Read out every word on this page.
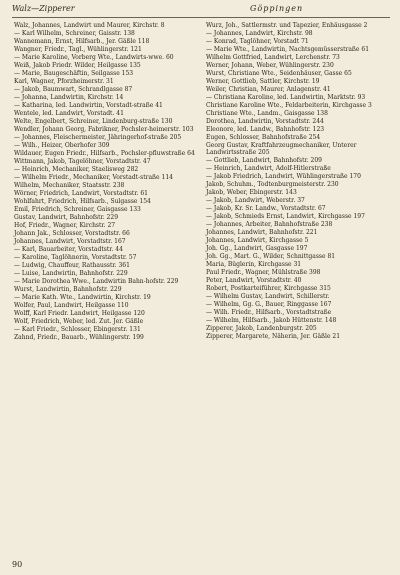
Walz—Zipperer	Göppingen
Walz, Johannes, Landwirt und Maurer, Kirchstr. 8
— Karl Wilhelm, Schreiner, Gaisstr. 138
Wannemann, Ernst, Hilfsarb., Jer. Gäßle 118
Wangner, Friedr., Tagl., Wühlingerstr. 121
— Marie Karoline, Vorberg Wte., Landwirts-wwe. 60
Weiß, Jakob Friedr. Wilder, Heilgasse 135
— Marie, Baugeschäftin, Seilgasse 153
Karl, Wagner, Pforzheimerstr. 31
— Jakob, Baumwart, Schrandlgasse 87
— Johanna, Landwirtin, Kirchstr. 14
— Katharina, led. Landwirtin, Vorstadt-straße 41
Wentele, led. Landwirt, Vorstadt. 41
Welte, Engelbert, Schreiner, Lindenburg-straße 130
Wendler, Johann Georg, Fabrikner, Pochsler-heimerstr. 103
— Johannes, Fleischermeister, Jähringerhof-straße 205
— Wilh., Heizer, Oberhofer 309
Wildauer, Eugen Friedr., Hilfsarb., Pochsler-pfluwstraße 64
Wittmann, Jakob, Tagelöhner, Vorstadtstr. 47
— Heinrich, Mechaniker, Staelisweg 282
— Wilhelm Friedr., Mechaniker, Vorstadt-straße 114
Wilhelm, Mechaniker, Staatsstr. 238
Wörner, Friedrich, Landwirt, Vorstadtstr. 61
Wohlfahrt, Friedrich, Hilfsarb., Sulgasse 154
Emil, Friedrich, Schreiner, Gaisgasse 133
Gustav, Landwirt, Bahnhofstr. 229
Hof, Friedr., Wagner, Kirchstr. 27
Johann Jak., Schlosser, Vorstadtstr. 66
Johannes, Landwirt, Vorstadtstr. 167
— Karl, Bauarbeiter, Vorstadtstr. 44
— Karoline, Taglöhnerin, Vorstadtstr. 57
— Ludwig, Chauffeur, Rathausstr. 361
— Luise, Landwirtin, Bahnhofstr. 229
— Marie Dorothea Wwe., Landwirtin Bahn-hofstr. 229
Wurst, Landwirtin, Bahnhofstr. 229
— Marie Kath. Wte., Landwirtin, Kirchstr. 19
Wolfer, Paul, Landwirt, Heilgasse 110
Wolff, Karl Friedr. Landwirt, Heilgasse 120
Wolf, Friedrich, Weber, led. Zut. Jer. Gäßle
— Karl Friedr., Schlosser, Ebingerstr. 131
Zahnd, Friedr., Bauarb., Wühlingerstr. 199
Wurz, Joh., Sattlermstr. und Tapezier, Enhäusgasse 2
— Johannes, Landwirt, Kirchstr. 98
— Konrad, Taglöhner, Vorstadt 71
— Marie Wte., Landwirtin, Nachtsgemüsserstraße 61
Wilhelm Gottfried, Landwirt, Lerchenstr. 73
Werner, Johann, Weber, Wühlingerstr. 230
Wurst, Christiane Wte., Seidenhäuser, Gasse 65
Werner, Gottlieb, Sattler, Kirchstr. 19
Weiler, Christian, Maurer, Anlagenstr. 41
— Christiana Karoline, led. Landwirtin, Marktstr. 93
Christiane Karoline Wte., Feldarbeiterin, Kirchgasse 3
Christiane Wte., Landm., Gaisgasse 138
Dorothea, Landwirtin, Vorstadtstr. 244
Eleonore, led. Landw., Bahnhofstr. 123
Eugen, Schlosser, Bahnhofstraße 254
Georg Gustav, Kraftfahrzeugmechaniker, Unterer Landwirtsstraße 205
— Gottlieb, Landwirt, Bahnhofstr. 209
— Heinrich, Landwirt, Adolf-Hitlerstraße
— Jakob Friedrich, Landwirt, Wühlingerstraße 170
Jakob, Schuhm., Todtenburgmeisterstr. 230
Jakob, Weber, Ebingerstr. 143
— Jakob, Landwirt, Weberstr. 37
— Jakob, Kr. Sr. Landw., Vorstadtstr. 67
— Jakob, Schmieds Ernst, Landwirt, Kirchgasse 197
— Johannes, Arbeiter, Bahnhofstraße 238
Johannes, Landwirt, Bahnhofstr. 221
Johannes, Landwirt, Kirchgasse 5
Joh. Gg., Landwirt, Gasgasse 197
Joh. Gg., Mart. G., Wilder, Schnittgasse 81
Maria, Büglerin, Kirchgasse 31
Paul Friedr., Wagner, Mühlstraße 398
Peter, Landwirt, Vorstadtstr. 40
Robert, Postkarteiführer, Kirchgasse 315
— Wilhelm Gustav, Landwirt, Schillerstr.
— Wilhelm, Gg. G., Bauer, Ringgasse 167
— Wilh. Friedr., Hilfsarb., Vorstadtstraße
— Wilhelm, Hilfsarb., Jakob Hüttenstr. 148
Zipperer, Jakob, Landenburgstr. 205
Zipperer, Margarete, Näherin, Jer. Gäßle 21
90
